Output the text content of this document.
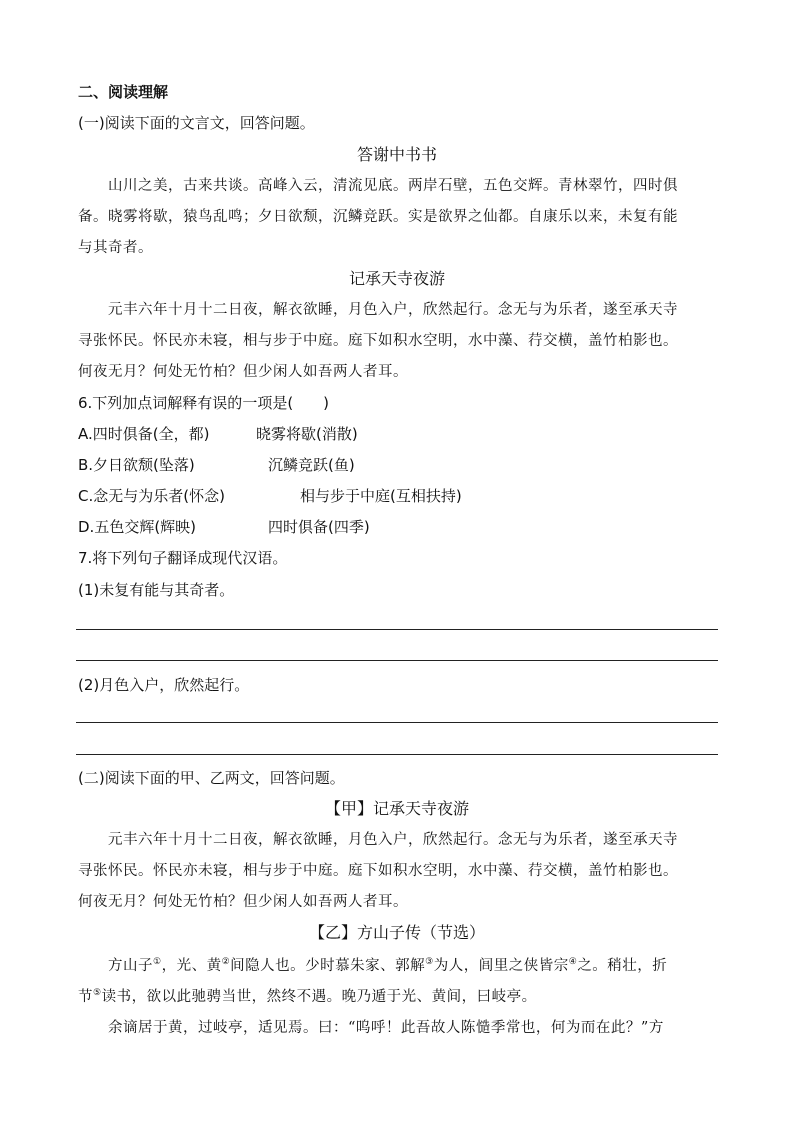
二、阅读理解
(一)阅读下面的文言文，回答问题。
答谢中书书
山川之美，古来共谈。高峰入云，清流见底。两岸石壁，五色交辉。青林翠竹，四时俱
备。晓雾将歇，猿鸟乱鸣；夕日欲颓，沉鳞竞跃。实是欲界之仙都。自康乐以来，未复有能
与其奇者。
记承天寺夜游
元丰六年十月十二日夜，解衣欲睡，月色入户，欣然起行。念无与为乐者，遂至承天寺
寻张怀民。怀民亦未寝，相与步于中庭。庭下如积水空明，水中藻、荇交横，盖竹柏影也。
何夜无月？何处无竹柏？但少闲人如吾两人者耳。
6.下列加点词解释有误的一项是(　　)
A.四时俱备(全，都)	晓雾将歇(消散)
B.夕日欲颓(坠落)	沉鳞竞跃(鱼)
C.念无与为乐者(怀念)	相与步于中庭(互相扶持)
D.五色交辉(辉映)	四时俱备(四季)
7.将下列句子翻译成现代汉语。
(1)未复有能与其奇者。
(2)月色入户，欣然起行。
(二)阅读下面的甲、乙两文，回答问题。
【甲】记承天寺夜游
元丰六年十月十二日夜，解衣欲睡，月色入户，欣然起行。念无与为乐者，遂至承天寺
寻张怀民。怀民亦未寝，相与步于中庭。庭下如积水空明，水中藻、荇交横，盖竹柏影也。
何夜无月？何处无竹柏？但少闲人如吾两人者耳。
【乙】方山子传（节选）
方山子①，光、黄②间隐人也。少时慕朱家、郭解③为人，闾里之侠皆宗④之。稍壮，折
节⑤读书，欲以此驰骋当世，然终不遇。晚乃遁于光、黄间，曰岐亭。
余谪居于黄，过岐亭，适见焉。曰：“呜呼！此吾故人陈慥季常也，何为而在此？”方
